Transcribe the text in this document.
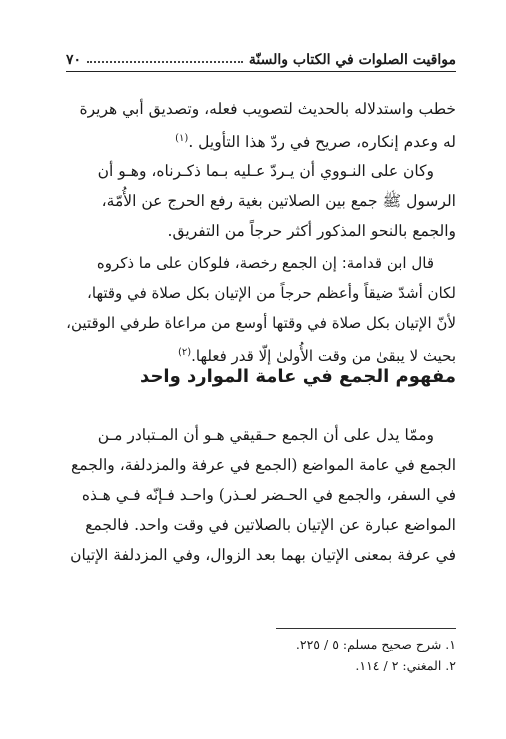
مواقيت الصلوات في الكتاب والسنّة
٧٠

خطب واستدلاله بالحديث لتصويب فعله، وتصديق أبي هريرة

له وعدم إنكاره، صريح في ردّ هذا التأويل .$^{(١)}$

وكان على النـووي أن يـردّ عـليه بـما ذكـرناه، وهـو أن

الرسول ﷺ جمع بين الصلاتين بغية رفع الحرج عن الأُمّة،

والجمع بالنحو المذكور أكثر حرجاً من التفريق.

قال ابن قدامة: إن الجمع رخصة، فلوكان على ما ذكروه

لكان أشدّ ضيقاً وأعظم حرجاً من الإتيان بكل صلاة في وقتها،

لأنّ الإتيان بكل صلاة في وقتها أوسع من مراعاة طرفي الوقتين،

بحيث لا يبقىٰ من وقت الأُولىٰ إلّا قدر فعلها.$^{(٢)}$

مفهوم الجمع في عامة الموارد واحد

وممّا يدل على أن الجمع حـقيقي هـو أن المـتبادر مـن

الجمع في عامة المواضع (الجمع في عرفة والمزدلفة، والجمع

في السفر، والجمع في الحـضر لعـذر) واحـد فـإنّه فـي هـذه

المواضع عبارة عن الإتيان بالصلاتين في وقت واحد. فالجمع

في عرفة بمعنى الإتيان بهما بعد الزوال، وفي المزدلفة الإتيان

١. شرح صحيح مسلم: ٥ / ٢٢٥.
٢. المغني: ٢ / ١١٤.
